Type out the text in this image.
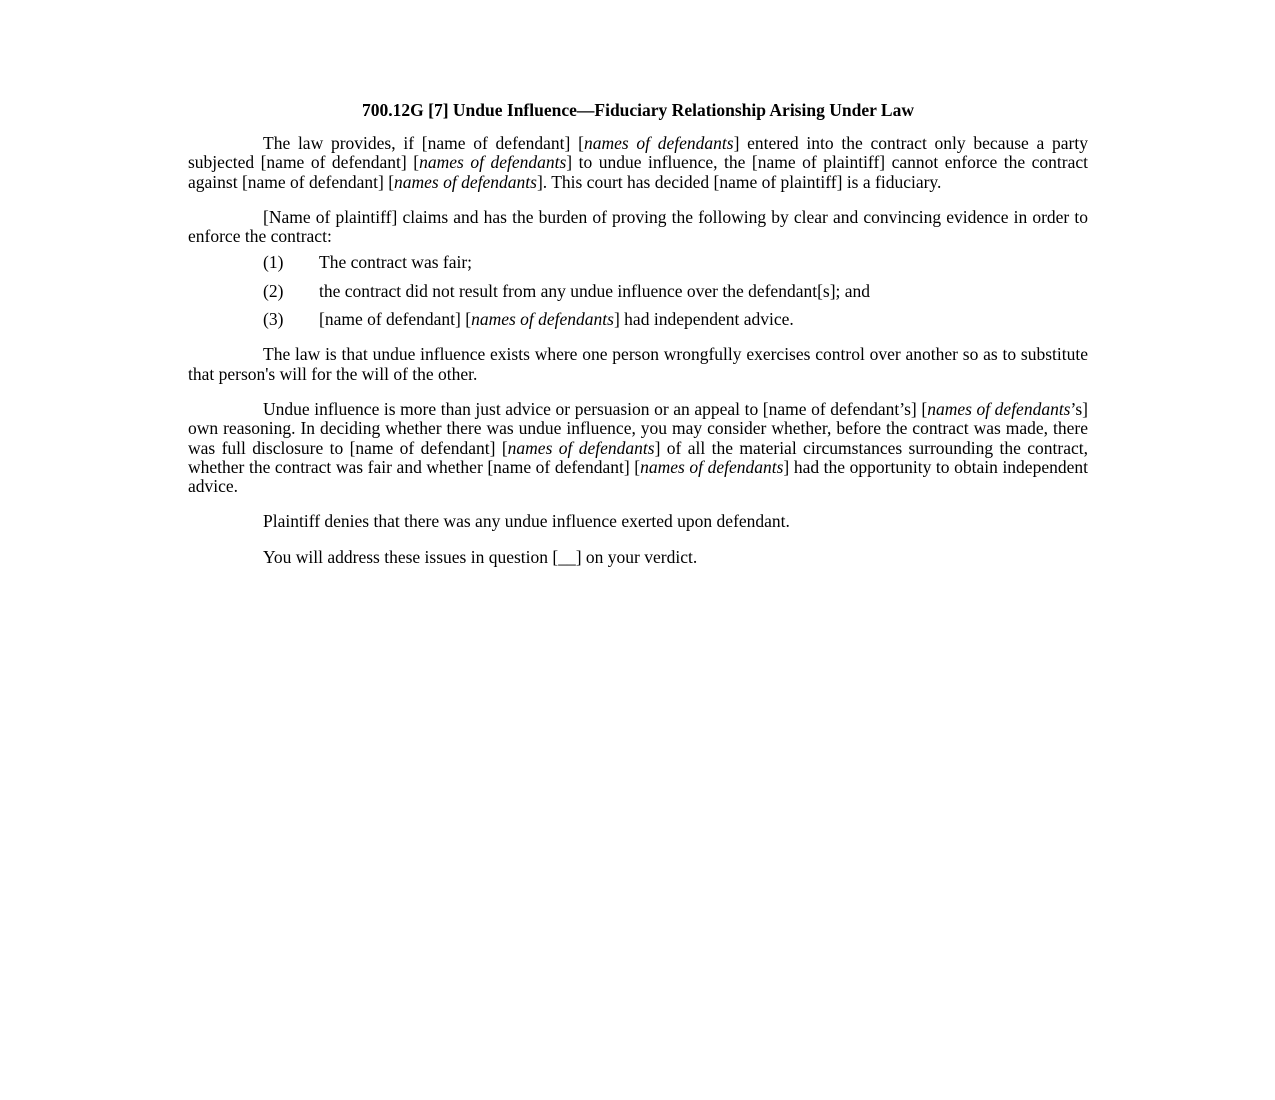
700.12G [7] Undue Influence—Fiduciary Relationship Arising Under Law

The law provides, if [name of defendant] [names of defendants] entered into the contract only because a party subjected [name of defendant] [names of defendants] to undue influence, the [name of plaintiff] cannot enforce the contract against [name of defendant] [names of defendants]. This court has decided [name of plaintiff] is a fiduciary.

[Name of plaintiff] claims and has the burden of proving the following by clear and convincing evidence in order to enforce the contract:

(1)	The contract was fair;
(2)	the contract did not result from any undue influence over the defendant[s]; and
(3)	[name of defendant] [names of defendants] had independent advice.

The law is that undue influence exists where one person wrongfully exercises control over another so as to substitute that person's will for the will of the other.

Undue influence is more than just advice or persuasion or an appeal to [name of defendant’s] [names of defendants’s] own reasoning. In deciding whether there was undue influence, you may consider whether, before the contract was made, there was full disclosure to [name of defendant] [names of defendants] of all the material circumstances surrounding the contract, whether the contract was fair and whether [name of defendant] [names of defendants] had the opportunity to obtain independent advice.

Plaintiff denies that there was any undue influence exerted upon defendant.

You will address these issues in question [__] on your verdict.
